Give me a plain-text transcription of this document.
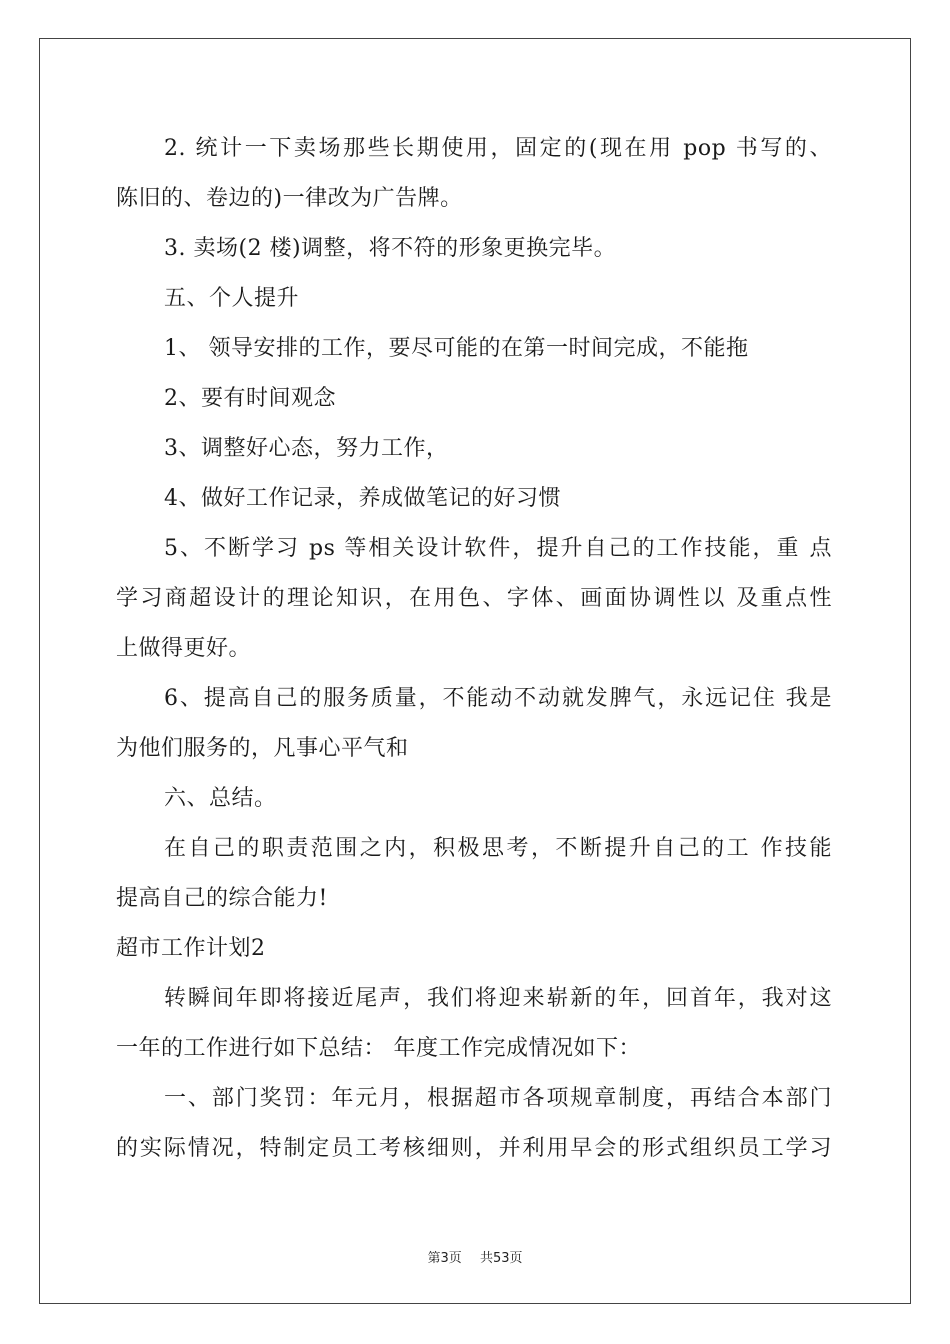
2. 统计一下卖场那些长期使用，固定的(现在用 pop 书写的、
陈旧的、卷边的)一律改为广告牌。
3. 卖场(2 楼)调整，将不符的形象更换完毕。
五、个人提升
1、 领导安排的工作，要尽可能的在第一时间完成，不能拖
2、要有时间观念
3、调整好心态，努力工作，
4、做好工作记录，养成做笔记的好习惯
5、不断学习 ps 等相关设计软件，提升自己的工作技能，重 点
学习商超设计的理论知识，在用色、字体、画面协调性以 及重点性
上做得更好。
6、提高自己的服务质量，不能动不动就发脾气，永远记住 我是
为他们服务的，凡事心平气和
六、总结。
在自己的职责范围之内，积极思考，不断提升自己的工 作技能
提高自己的综合能力!
超市工作计划2
转瞬间年即将接近尾声，我们将迎来崭新的年，回首年，我对这
一年的工作进行如下总结： 年度工作完成情况如下：
一、部门奖罚：年元月，根据超市各项规章制度，再结合本部门
的实际情况，特制定员工考核细则，并利用早会的形式组织员工学习
第3页 共53页
